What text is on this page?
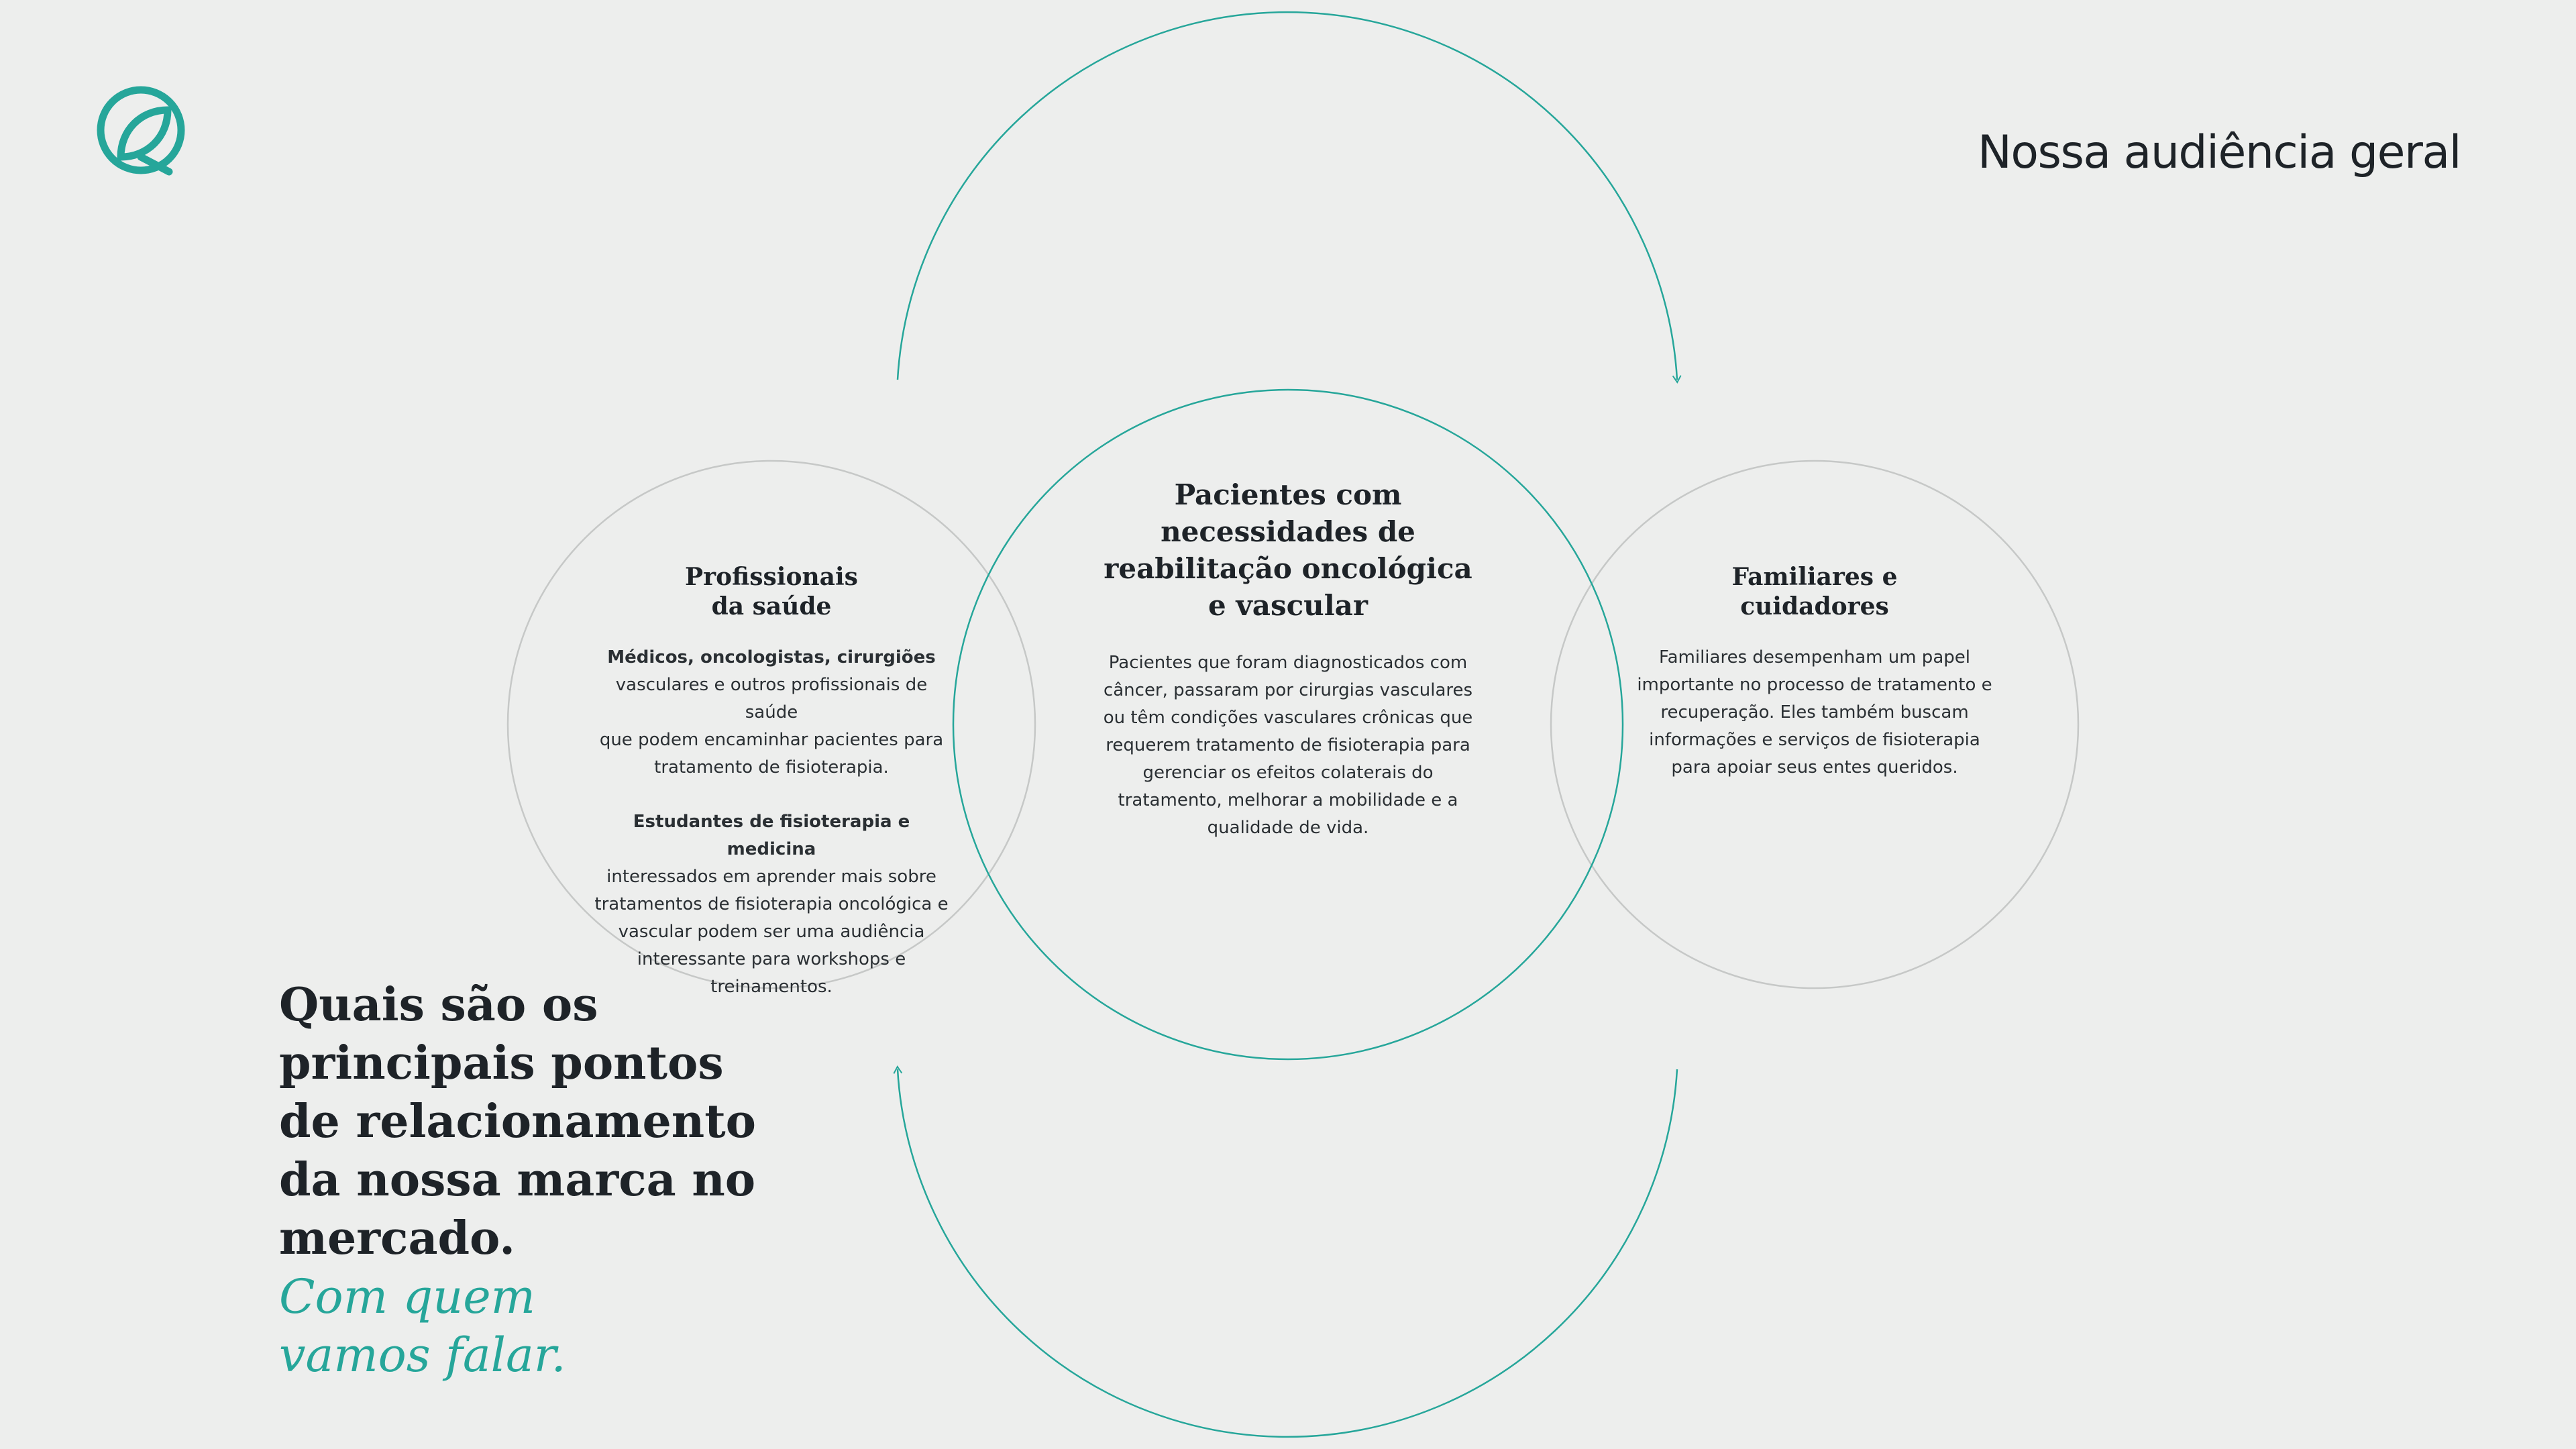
Nossa audiência geral
Profissionais
da saúde

Médicos, oncologistas, cirurgiões
vasculares e outros profissionais de saúde
que podem encaminhar pacientes para
tratamento de fisioterapia.

Estudantes de fisioterapia e medicina
interessados em aprender mais sobre
tratamentos de fisioterapia oncológica e
vascular podem ser uma audiência
interessante para workshops e
treinamentos.

Pacientes com
necessidades de
reabilitação oncológica
e vascular
Pacientes que foram diagnosticados com
câncer, passaram por cirurgias vasculares
ou têm condições vasculares crônicas que
requerem tratamento de fisioterapia para
gerenciar os efeitos colaterais do
tratamento, melhorar a mobilidade e a
qualidade de vida.
Familiares e
cuidadores
Familiares desempenham um papel
importante no processo de tratamento e
recuperação. Eles também buscam
informações e serviços de fisioterapia
para apoiar seus entes queridos.
Quais são os
principais pontos
de relacionamento
da nossa marca no
mercado.
Com quem
vamos falar.
